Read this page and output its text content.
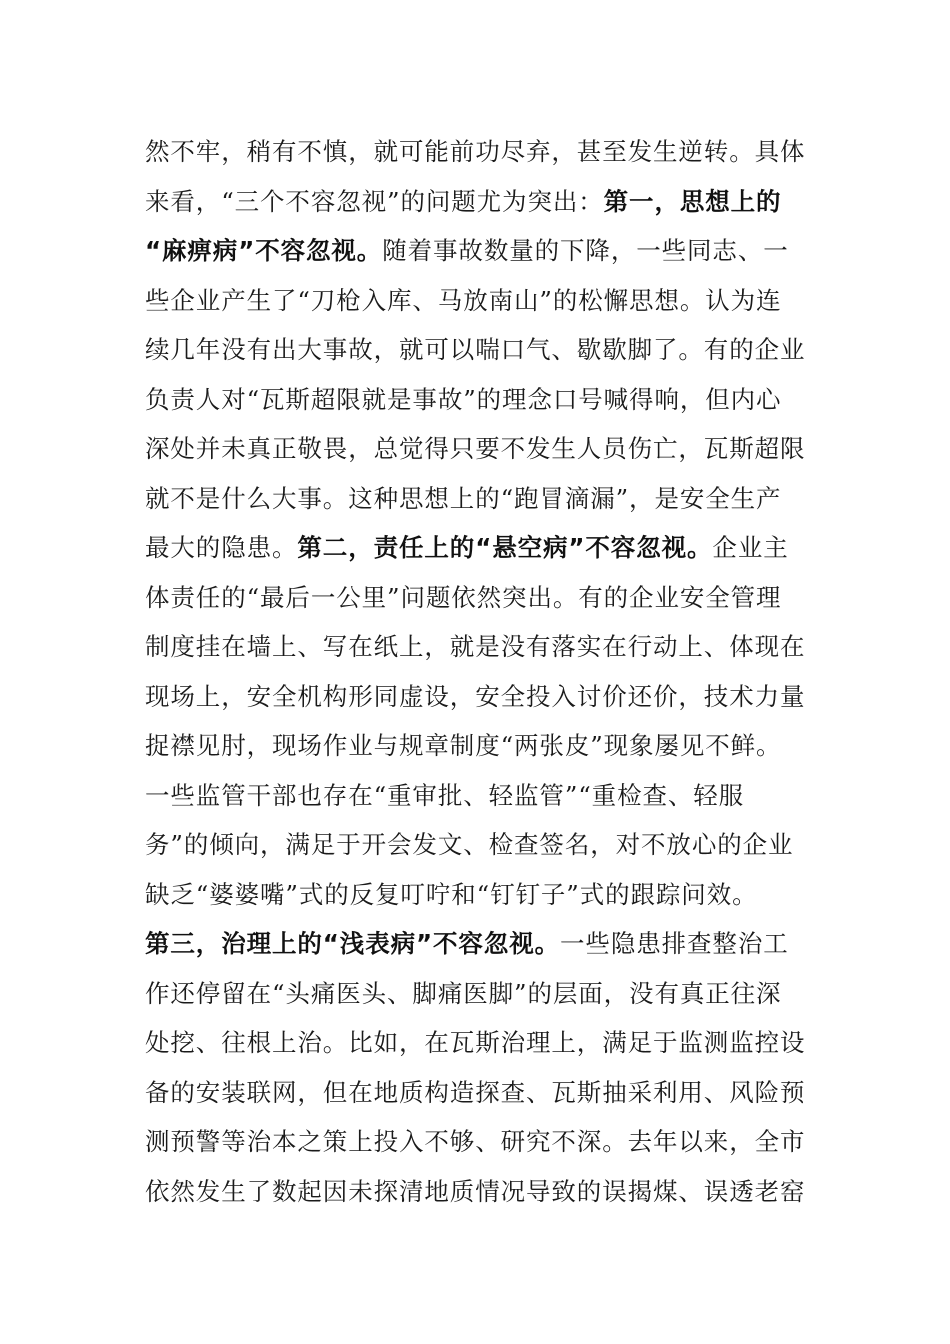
然不牢，稍有不慎，就可能前功尽弃，甚至发生逆转。具体
来看，“三个不容忽视”的问题尤为突出：第一，思想上的
“麻痹病”不容忽视。随着事故数量的下降，一些同志、一
些企业产生了“刀枪入库、马放南山”的松懈思想。认为连
续几年没有出大事故，就可以喘口气、歇歇脚了。有的企业
负责人对“瓦斯超限就是事故”的理念口号喊得响，但内心
深处并未真正敬畏，总觉得只要不发生人员伤亡，瓦斯超限
就不是什么大事。这种思想上的“跑冒滴漏”，是安全生产
最大的隐患。第二，责任上的“悬空病”不容忽视。企业主
体责任的“最后一公里”问题依然突出。有的企业安全管理
制度挂在墙上、写在纸上，就是没有落实在行动上、体现在
现场上，安全机构形同虚设，安全投入讨价还价，技术力量
捉襟见肘，现场作业与规章制度“两张皮”现象屡见不鲜。
一些监管干部也存在“重审批、轻监管”“重检查、轻服
务”的倾向，满足于开会发文、检查签名，对不放心的企业
缺乏“婆婆嘴”式的反复叮咛和“钉钉子”式的跟踪问效。
第三，治理上的“浅表病”不容忽视。一些隐患排查整治工
作还停留在“头痛医头、脚痛医脚”的层面，没有真正往深
处挖、往根上治。比如，在瓦斯治理上，满足于监测监控设
备的安装联网，但在地质构造探查、瓦斯抽采利用、风险预
测预警等治本之策上投入不够、研究不深。去年以来，全市
依然发生了数起因未探清地质情况导致的误揭煤、误透老窑
